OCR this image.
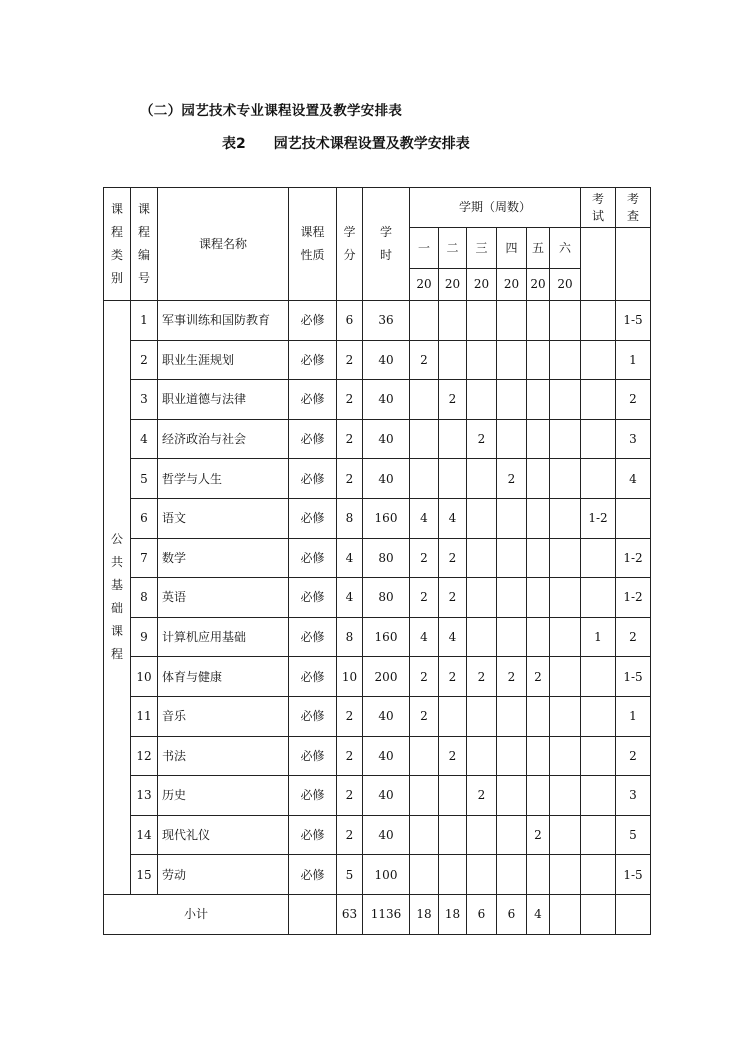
（二）园艺技术专业课程设置及教学安排表
表2 园艺技术课程设置及教学安排表
课程类别	课程编号	课程名称	课程性质	学分	学时	学期（周数）						考试	考查
						一	二	三	四	五	六		
						20	20	20	20	20	20		
公共基础课程	1	军事训练和国防教育	必修	6	36								1-5
	2	职业生涯规划	必修	2	40	2							1
	3	职业道德与法律	必修	2	40		2						2
	4	经济政治与社会	必修	2	40			2					3
	5	哲学与人生	必修	2	40				2				4
	6	语文	必修	8	160	4	4					1-2	
	7	数学	必修	4	80	2	2						1-2
	8	英语	必修	4	80	2	2						1-2
	9	计算机应用基础	必修	8	160	4	4					1	2
	10	体育与健康	必修	10	200	2	2	2	2	2			1-5
	11	音乐	必修	2	40	2							1
	12	书法	必修	2	40		2						2
	13	历史	必修	2	40			2					3
	14	现代礼仪	必修	2	40					2			5
	15	劳动	必修	5	100								1-5
小计				63	1136	18	18	6	6	4			
